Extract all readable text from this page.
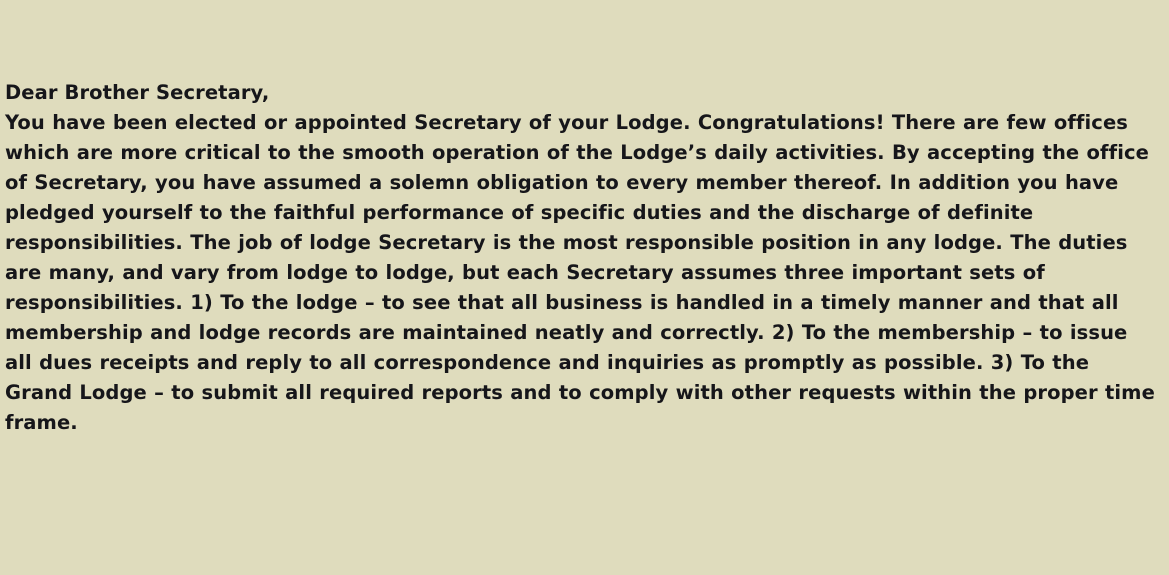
Dear Brother Secretary,

You have been elected or appointed Secretary of your Lodge. Congratulations! There are few offices which are more critical to the smooth operation of the Lodge’s daily activities. By accepting the office of Secretary, you have assumed a solemn obligation to every member thereof. In addition you have pledged yourself to the faithful performance of specific duties and the discharge of definite responsibilities. The job of lodge Secretary is the most responsible position in any lodge. The duties are many, and vary from lodge to lodge, but each Secretary assumes three important sets of responsibilities. 1) To the lodge – to see that all business is handled in a timely manner and that all membership and lodge records are maintained neatly and correctly. 2) To the membership – to issue all dues receipts and reply to all correspondence and inquiries as promptly as possible. 3) To the Grand Lodge – to submit all required reports and to comply with other requests within the proper time frame.
